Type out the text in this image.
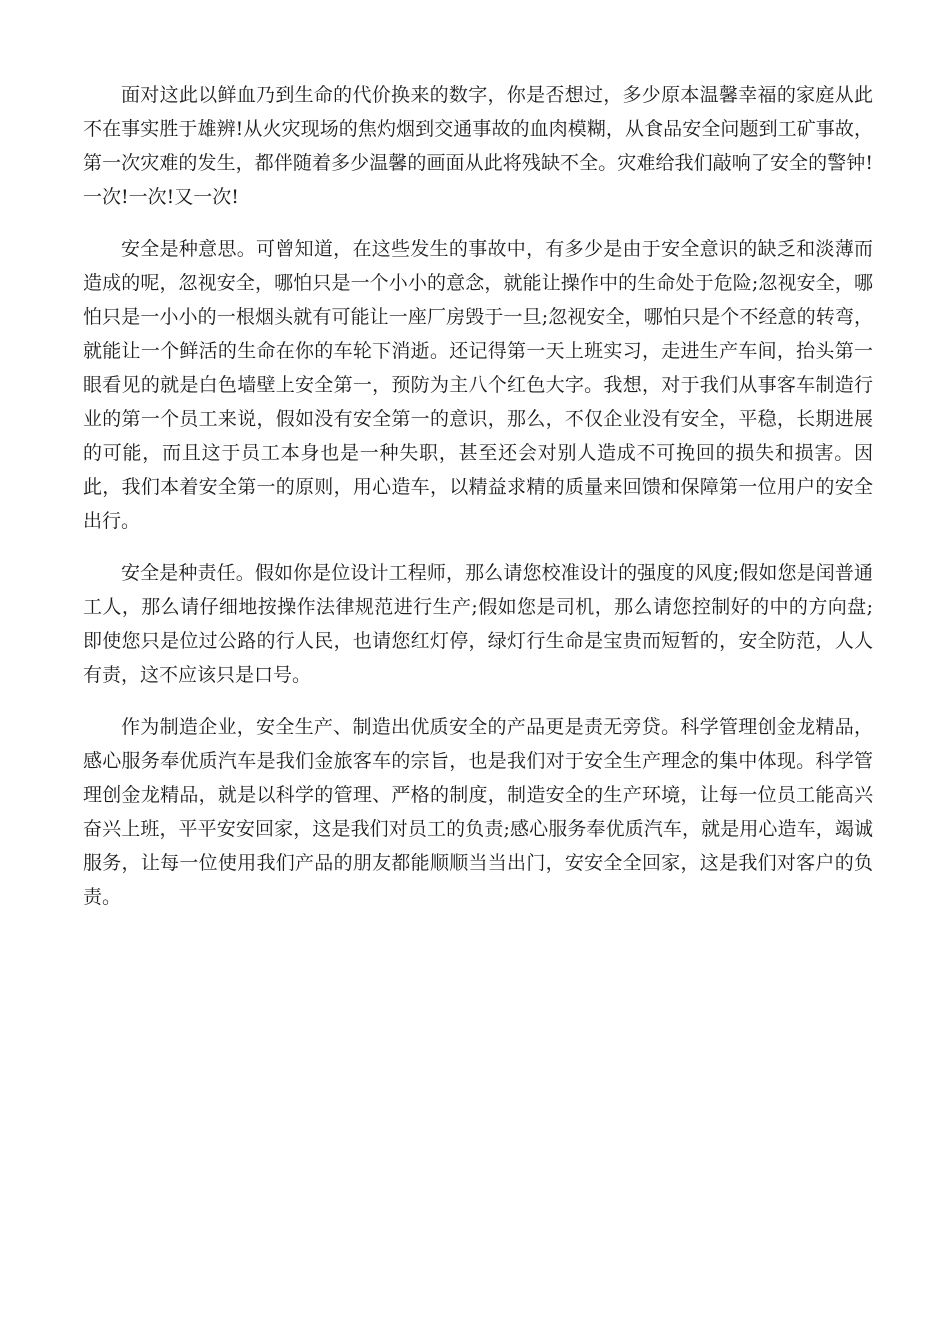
面对这此以鲜血乃到生命的代价换来的数字，你是否想过，多少原本温馨幸福的家庭从此不在事实胜于雄辨!从火灾现场的焦灼烟到交通事故的血肉模糊，从食品安全问题到工矿事故，第一次灾难的发生，都伴随着多少温馨的画面从此将残缺不全。灾难给我们敲响了安全的警钟!一次!一次!又一次!

安全是种意思。可曾知道，在这些发生的事故中，有多少是由于安全意识的缺乏和淡薄而造成的呢，忽视安全，哪怕只是一个小小的意念，就能让操作中的生命处于危险;忽视安全，哪怕只是一小小的一根烟头就有可能让一座厂房毁于一旦;忽视安全，哪怕只是个不经意的转弯，就能让一个鲜活的生命在你的车轮下消逝。还记得第一天上班实习，走进生产车间，抬头第一眼看见的就是白色墙壁上安全第一，预防为主八个红色大字。我想，对于我们从事客车制造行业的第一个员工来说，假如没有安全第一的意识，那么，不仅企业没有安全，平稳，长期进展的可能，而且这于员工本身也是一种失职，甚至还会对别人造成不可挽回的损失和损害。因此，我们本着安全第一的原则，用心造车，以精益求精的质量来回馈和保障第一位用户的安全出行。

安全是种责任。假如你是位设计工程师，那么请您校准设计的强度的风度;假如您是闰普通工人，那么请仔细地按操作法律规范进行生产;假如您是司机，那么请您控制好的中的方向盘;即使您只是位过公路的行人民，也请您红灯停，绿灯行生命是宝贵而短暂的，安全防范，人人有责，这不应该只是口号。

作为制造企业，安全生产、制造出优质安全的产品更是责无旁贷。科学管理创金龙精品，感心服务奉优质汽车是我们金旅客车的宗旨，也是我们对于安全生产理念的集中体现。科学管理创金龙精品，就是以科学的管理、严格的制度，制造安全的生产环境，让每一位员工能高兴奋兴上班，平平安安回家，这是我们对员工的负责;感心服务奉优质汽车，就是用心造车，竭诚服务，让每一位使用我们产品的朋友都能顺顺当当出门，安安全全回家，这是我们对客户的负责。
